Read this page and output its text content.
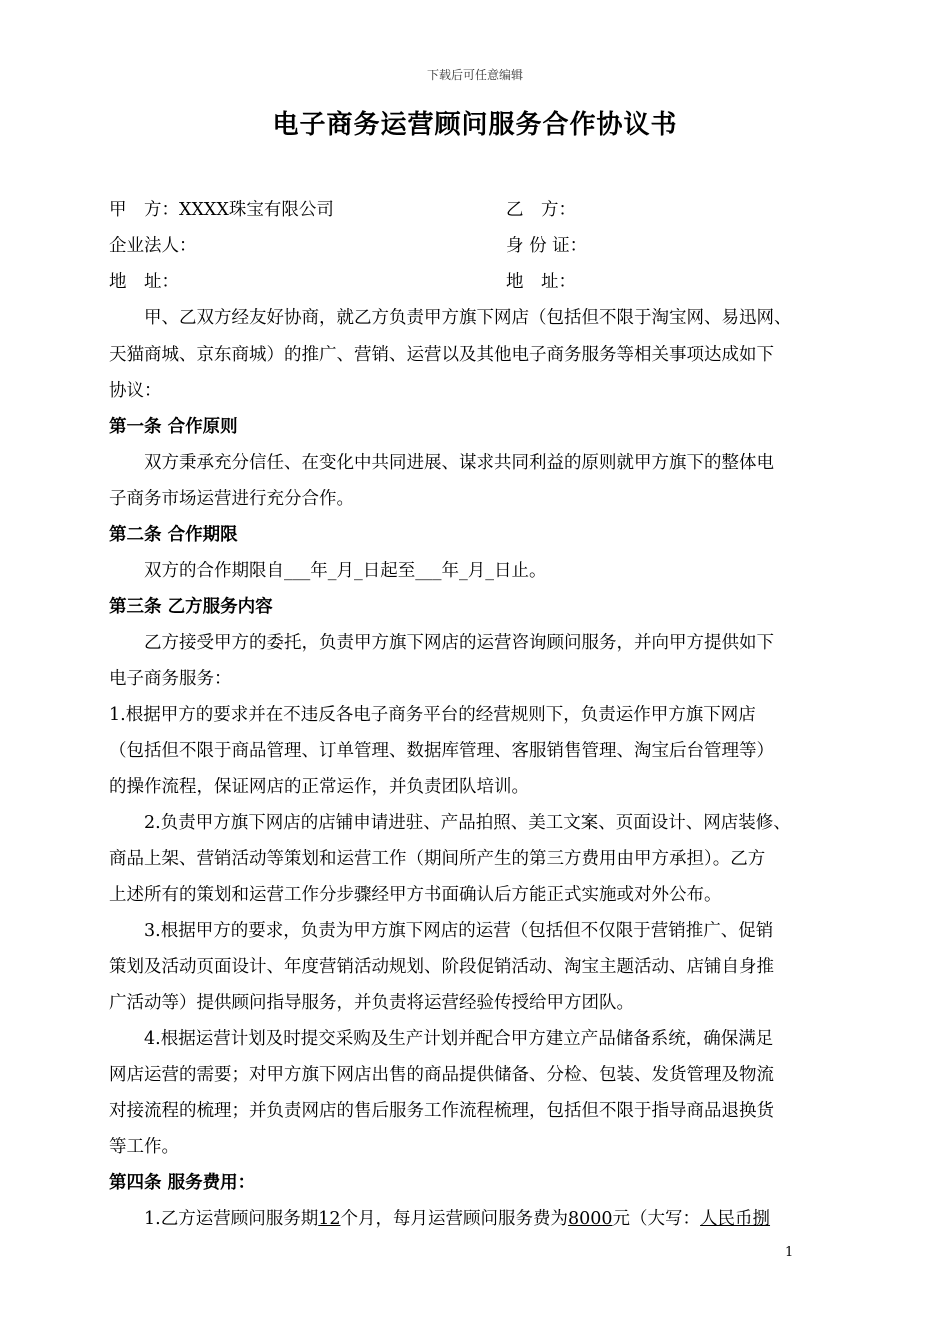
下载后可任意编辑
电子商务运营顾问服务合作协议书
甲　方：XXXX珠宝有限公司	乙　方：
企业法人：	身 份 证：
地　址：	地　址：
甲、乙双方经友好协商，就乙方负责甲方旗下网店（包括但不限于淘宝网、易迅网、
天猫商城、京东商城）的推广、营销、运营以及其他电子商务服务等相关事项达成如下
协议：
第一条 合作原则
双方秉承充分信任、在变化中共同进展、谋求共同利益的原则就甲方旗下的整体电
子商务市场运营进行充分合作。
第二条 合作期限
双方的合作期限自___年_月_日起至___年_月_日止。
第三条 乙方服务内容
乙方接受甲方的委托，负责甲方旗下网店的运营咨询顾问服务，并向甲方提供如下
电子商务服务：
1.根据甲方的要求并在不违反各电子商务平台的经营规则下，负责运作甲方旗下网店
（包括但不限于商品管理、订单管理、数据库管理、客服销售管理、淘宝后台管理等）
的操作流程，保证网店的正常运作，并负责团队培训。
2.负责甲方旗下网店的店铺申请进驻、产品拍照、美工文案、页面设计、网店装修、
商品上架、营销活动等策划和运营工作（期间所产生的第三方费用由甲方承担）。乙方
上述所有的策划和运营工作分步骤经甲方书面确认后方能正式实施或对外公布。
3.根据甲方的要求，负责为甲方旗下网店的运营（包括但不仅限于营销推广、促销
策划及活动页面设计、年度营销活动规划、阶段促销活动、淘宝主题活动、店铺自身推
广活动等）提供顾问指导服务，并负责将运营经验传授给甲方团队。
4.根据运营计划及时提交采购及生产计划并配合甲方建立产品储备系统，确保满足
网店运营的需要；对甲方旗下网店出售的商品提供储备、分检、包装、发货管理及物流
对接流程的梳理；并负责网店的售后服务工作流程梳理，包括但不限于指导商品退换货
等工作。
第四条 服务费用：
1.乙方运营顾问服务期12个月，每月运营顾问服务费为8000元（大写：人民币捌
1
